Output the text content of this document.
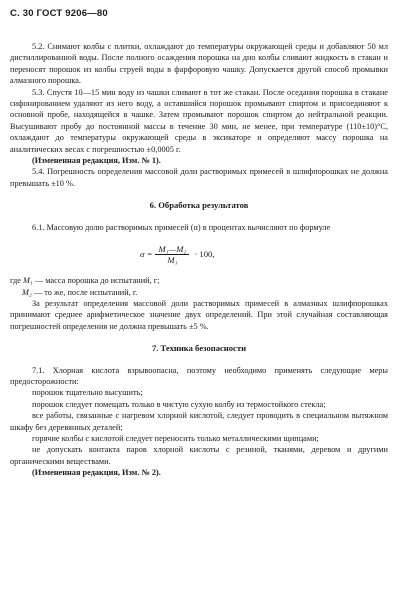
С. 30 ГОСТ 9206—80

5.2. Снимают колбы с плитки, охлаждают до температуры окружающей среды и добавляют 50 мл дистиллированной воды. После полного осаждения порошка на дно колбы сливают жидкость в стакан и переносят порошок из колбы струей воды в фарфоровую чашку. Допускается другой способ промывки алмазного порошка.

5.3. Спустя 10—15 мин воду из чашки сливают в тот же стакан. После оседания порошка в стакане сифонированием удаляют из него воду, а оставшийся порошок промывают спиртом и присоединяют к основной пробе, находящейся в чашке. Затем промывают порошок спиртом до нейтральной реакции. Высушивают пробу до постоянной массы в течение 30 мин, не менее, при температуре (110±10)°С, охлаждают до температуры окружающей среды в эксикаторе и определяют массу порошка на аналитических весах с погрешностью ±0,0005 г.

(Измененная редакция, Изм. № 1).

5.4. Погрешность определения массовой доли растворимых примесей в шлифпорошках не должна превышать ±10 %.

6. Обработка результатов

6.1. Массовую долю растворимых примесей (α) в процентах вычисляют по формуле

$\alpha = \frac{\text{M₁—M₂}}{\text{M₁}} \cdot 100$,

где M₁ — масса порошка до испытаний, г;

M₂ — то же, после испытаний, г.

За результат определения массовой доли растворимых примесей в алмазных шлифпорошках принимают среднее арифметическое значение двух определений. При этой случайная составляющая погрешностей определения не должна превышать ±5 %.

7. Техника безопасности

7.1. Хлорная кислота взрывоопасна, поэтому необходимо применять следующие меры предосторожности:

порошок тщательно высушить;

порошок следует помещать только в чистую сухую колбу из термостойкого стекла;

все работы, связанные с нагревом хлорной кислотой, следует проводить в специальном вытяжном шкафу без деревянных деталей;

горячие колбы с кислотой следует переносить только металлическими щипцами;

не допускать контакта паров хлорной кислоты с резиной, тканями, деревом и другими органическими веществами.

(Измененная редакция, Изм. № 2).
